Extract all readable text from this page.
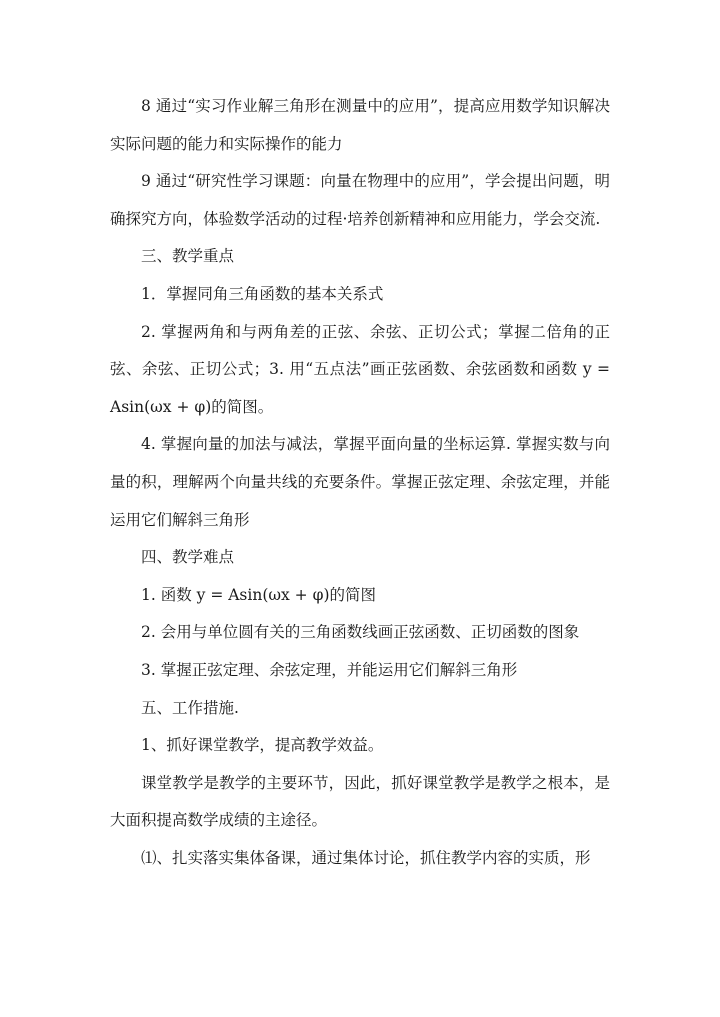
8 通过“实习作业解三角形在测量中的应用”，提高应用数学知识解决实际问题的能力和实际操作的能力

9 通过“研究性学习课题：向量在物理中的应用”，学会提出问题，明确探究方向，体验数学活动的过程·培养创新精神和应用能力，学会交流.

三、教学重点

1．掌握同角三角函数的基本关系式

2. 掌握两角和与两角差的正弦、余弦、正切公式；掌握二倍角的正弦、余弦、正切公式；3. 用“五点法”画正弦函数、余弦函数和函数 y = Asin(ωx + φ)的简图。

4. 掌握向量的加法与减法，掌握平面向量的坐标运算. 掌握实数与向量的积，理解两个向量共线的充要条件。掌握正弦定理、余弦定理，并能运用它们解斜三角形

四、教学难点

1. 函数 y = Asin(ωx + φ)的简图

2. 会用与单位圆有关的三角函数线画正弦函数、正切函数的图象

3. 掌握正弦定理、余弦定理，并能运用它们解斜三角形

五、工作措施.

1、抓好课堂教学，提高教学效益。

课堂教学是教学的主要环节，因此，抓好课堂教学是教学之根本，是大面积提高数学成绩的主途径。

⑴、扎实落实集体备课，通过集体讨论，抓住教学内容的实质，形
